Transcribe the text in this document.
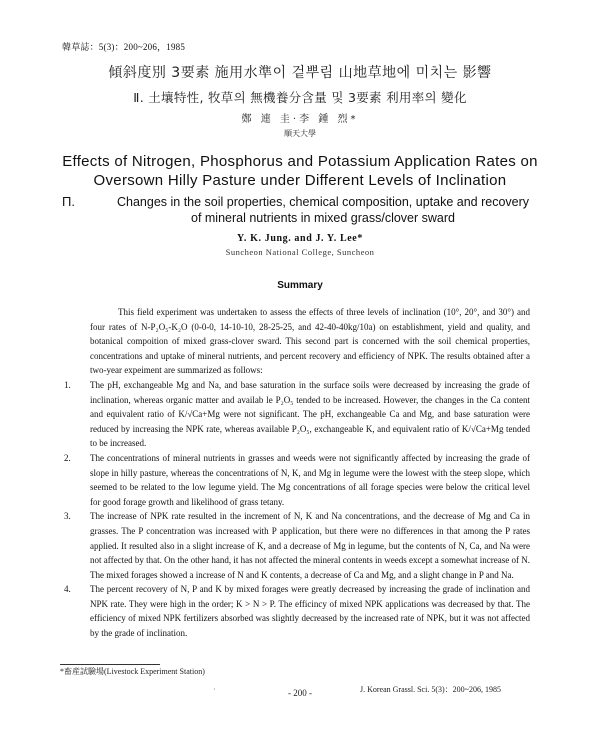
韓草誌：5(3)：200~206，1985
傾斜度別 3要素 施用水準이 겉뿌림 山地草地에 미치는 影響
Ⅱ. 土壤特性, 牧草의 無機養分含量 및 3要素 利用率의 變化
鄭 連 圭·李 鍾 烈*
順天大學
Effects of Nitrogen, Phosphorus and Potassium Application Rates on
Oversown Hilly Pasture under Different Levels of Inclination
Π.	Changes in the soil properties, chemical composition, uptake and recovery
of mineral nutrients in mixed grass/clover sward
Y. K. Jung. and J. Y. Lee*
Suncheon National College, Suncheon
Summary

This field experiment was undertaken to assess the effects of three levels of inclination (10°, 20°, and 30°) and four rates of N-P₂O₅-K₂O (0-0-0, 14-10-10, 28-25-25, and 42-40-40kg/10a) on establishment, yield and quality, and botanical compoition of mixed grass-clover sward. This second part is concerned with the soil chemical properties, concentrations and uptake of mineral nutrients, and percent recovery and efficiency of NPK. The results obtained after a two-year expeiment are summarized as follows:

1. The pH, exchangeable Mg and Na, and base saturation in the surface soils were decreased by increasing the grade of inclination, whereas organic matter and availab le P₂O₅ tended to be increased. However, the changes in the Ca content and equivalent ratio of K/√Ca+Mg were not significant. The pH, exchangeable Ca and Mg, and base saturation were reduced by increasing the NPK rate, whereas available P₂O₅, exchangeable K, and equivalent ratio of K/√Ca+Mg tended to be increased.
2. The concentrations of mineral nutrients in grasses and weeds were not significantly affected by increasing the grade of slope in hilly pasture, whereas the concentrations of N, K, and Mg in legume were the lowest with the steep slope, which seemed to be related to the low legume yield. The Mg concentrations of all forage species were below the critical level for good forage growth and likelihood of grass tetany.
3. The increase of NPK rate resulted in the increment of N, K and Na concentrations, and the decrease of Mg and Ca in grasses. The P concentration was increased with P application, but there were no differences in that among the P rates applied. It resulted also in a slight increase of K, and a decrease of Mg in legume, but the contents of N, Ca, and Na were not affected by that. On the other hand, it has not affected the mineral contents in weeds except a somewhat increase of N. The mixed forages showed a increase of N and K contents, a decrease of Ca and Mg, and a slight change in P and Na.
4. The percent recovery of N, P and K by mixed forages were greatly decreased by increasing the grade of inclination and NPK rate. They were high in the order; K > N > P. The efficincy of mixed NPK applications was decreased by that. The efficiency of mixed NPK fertilizers absorbed was slightly decreased by the increased rate of NPK, but it was not affected by the grade of inclination.
*畜産試驗場(Livestock Experiment Station)
·	J. Korean Grassl. Sci. 5(3)：200~206, 1985
- 200 -
